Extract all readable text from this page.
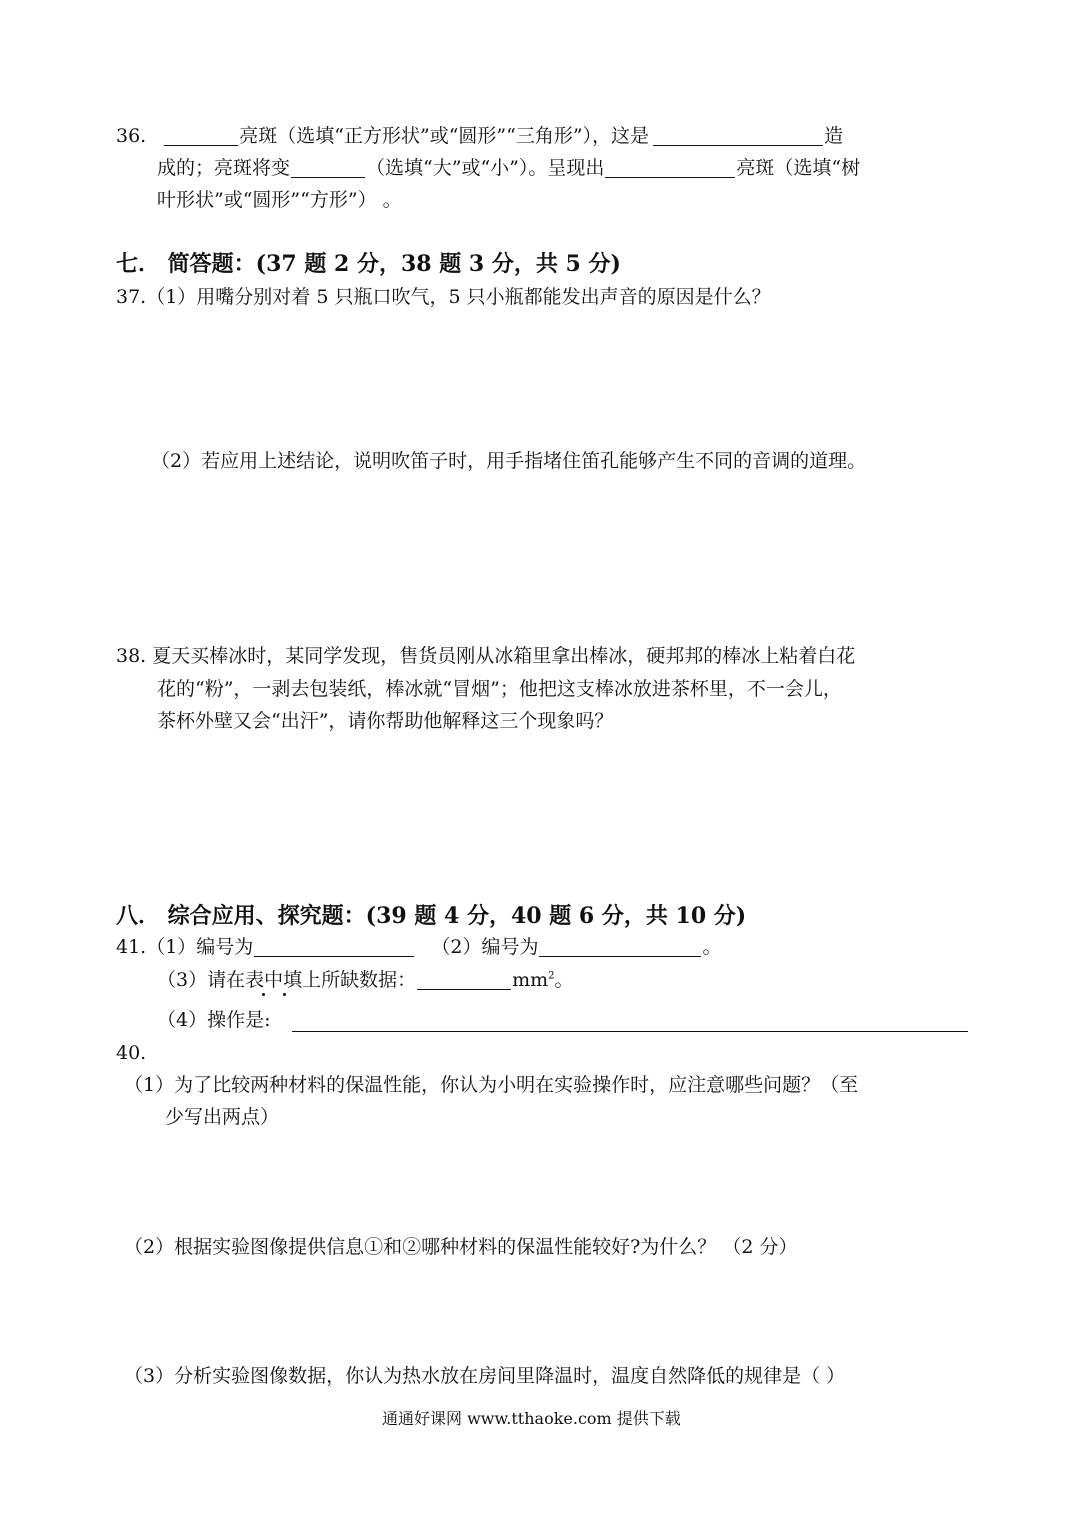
36.	亮斑（选填“正方形状”或“圆形”“三角形”），这是	造
成的；亮斑将变	（选填“大”或“小”）。呈现出	亮斑（选填“树
叶形状”或“圆形”“方形”） 。
七． 简答题：(37 题 2 分，38 题 3 分，共 5 分)
37.（1）用嘴分别对着 5 只瓶口吹气，5 只小瓶都能发出声音的原因是什么？
（2）若应用上述结论，说明吹笛子时，用手指堵住笛孔能够产生不同的音调的道理。
38. 夏天买棒冰时，某同学发现，售货员刚从冰箱里拿出棒冰，硬邦邦的棒冰上粘着白花
花的“粉”，一剥去包装纸，棒冰就“冒烟”；他把这支棒冰放进茶杯里，不一会儿，
茶杯外壁又会“出汗”，请你帮助他解释这三个现象吗？
八． 综合应用、探究题：(39 题 4 分，40 题 6 分，共 10 分)
41.（1）编号为	（2）编号为	。
（3）请在表中填上所缺数据：	$mm^2$。
（4）操作是:
40.
（1）为了比较两种材料的保温性能，你认为小明在实验操作时，应注意哪些问题？（至
少写出两点）
（2）根据实验图像提供信息①和②哪种材料的保温性能较好?为什么？ （2 分）
（3）分析实验图像数据，你认为热水放在房间里降温时，温度自然降低的规律是（ ）
通通好课网 www.tthaoke.com 提供下载
